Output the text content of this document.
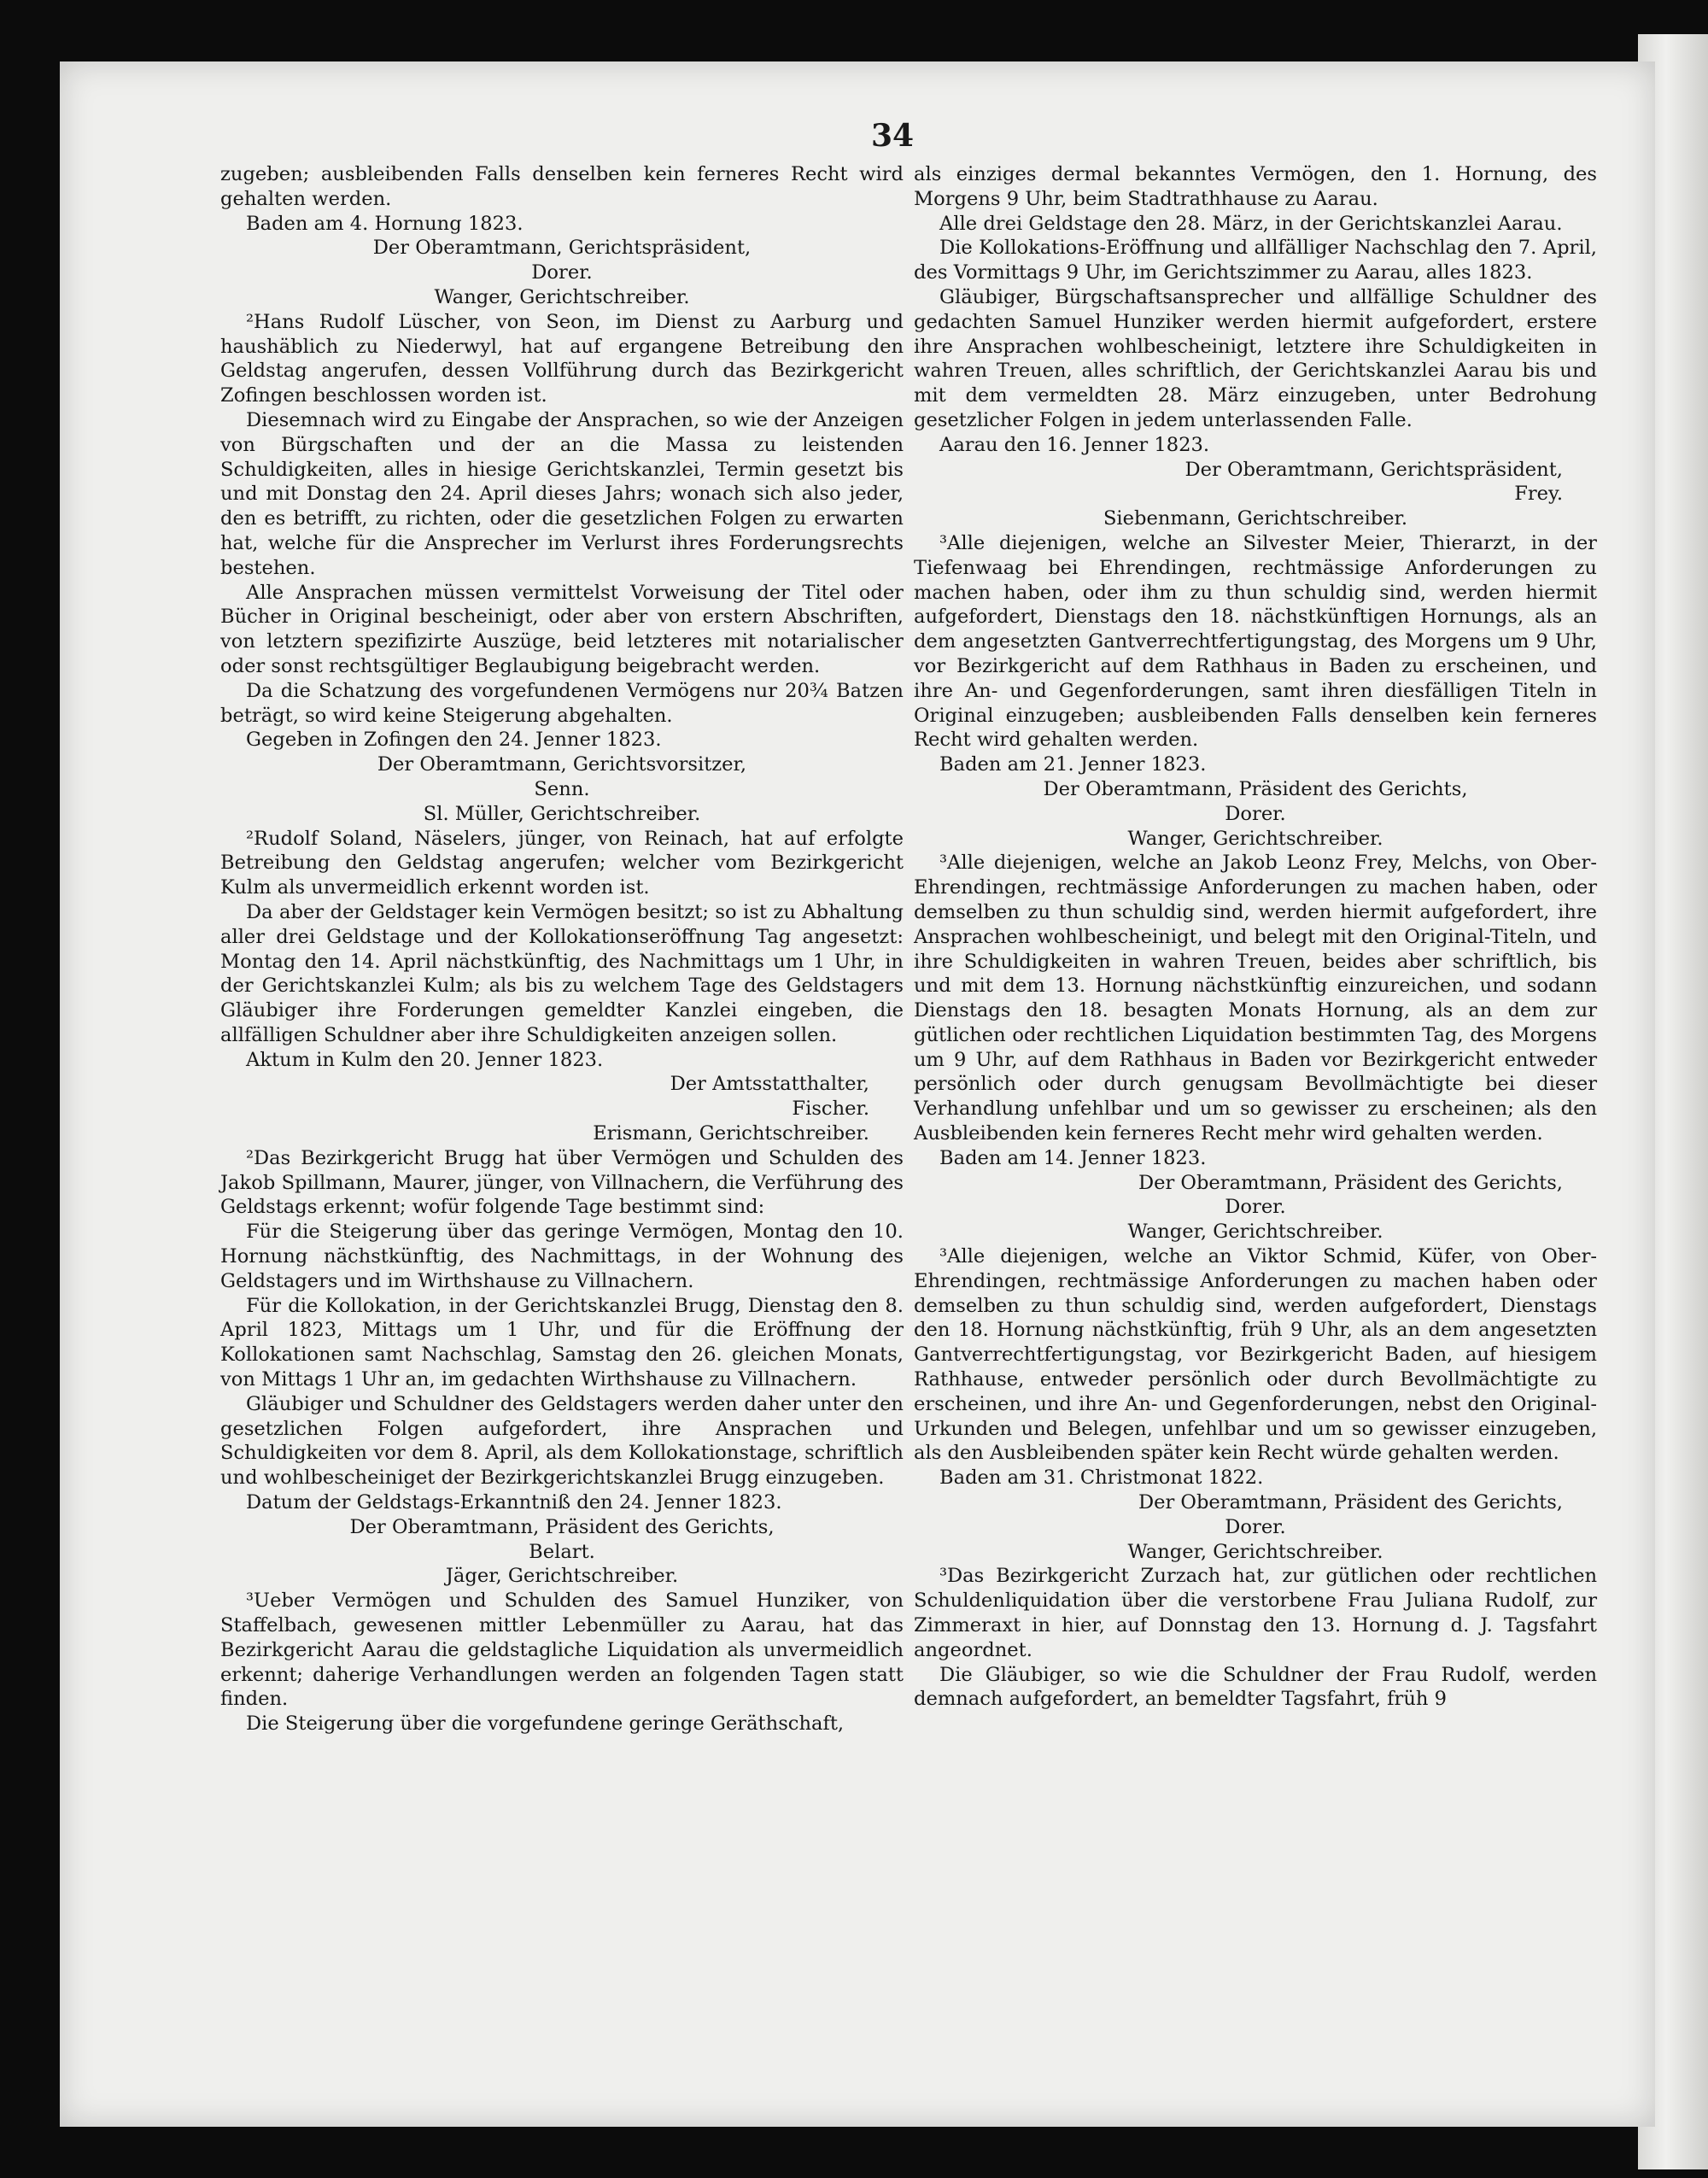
34

zugeben; ausbleibenden Falls denselben kein ferneres Recht wird gehalten werden.

Baden am 4. Hornung 1823.

Der Oberamtmann, Gerichtspräsident,

Dorer.

Wanger, Gerichtschreiber.

²Hans Rudolf Lüscher, von Seon, im Dienst zu Aarburg und haushäblich zu Niederwyl, hat auf ergangene Betreibung den Geldstag angerufen, dessen Vollführung durch das Bezirkgericht Zofingen beschlossen worden ist.

Diesemnach wird zu Eingabe der Ansprachen, so wie der Anzeigen von Bürgschaften und der an die Massa zu leistenden Schuldigkeiten, alles in hiesige Gerichtskanzlei, Termin gesetzt bis und mit Donstag den 24. April dieses Jahrs; wonach sich also jeder, den es betrifft, zu richten, oder die gesetzlichen Folgen zu erwarten hat, welche für die Ansprecher im Verlurst ihres Forderungsrechts bestehen.

Alle Ansprachen müssen vermittelst Vorweisung der Titel oder Bücher in Original bescheinigt, oder aber von erstern Abschriften, von letztern spezifizirte Auszüge, beid letzteres mit notarialischer oder sonst rechtsgültiger Beglaubigung beigebracht werden.

Da die Schatzung des vorgefundenen Vermögens nur 20¾ Batzen beträgt, so wird keine Steigerung abgehalten.

Gegeben in Zofingen den 24. Jenner 1823.

Der Oberamtmann, Gerichtsvorsitzer,

Senn.

Sl. Müller, Gerichtschreiber.

²Rudolf Soland, Näselers, jünger, von Reinach, hat auf erfolgte Betreibung den Geldstag angerufen; welcher vom Bezirkgericht Kulm als unvermeidlich erkennt worden ist.

Da aber der Geldstager kein Vermögen besitzt; so ist zu Abhaltung aller drei Geldstage und der Kollokationseröffnung Tag angesetzt: Montag den 14. April nächstkünftig, des Nachmittags um 1 Uhr, in der Gerichtskanzlei Kulm; als bis zu welchem Tage des Geldstagers Gläubiger ihre Forderungen gemeldter Kanzlei eingeben, die allfälligen Schuldner aber ihre Schuldigkeiten anzeigen sollen.

Aktum in Kulm den 20. Jenner 1823.

Der Amtsstatthalter,

Fischer.

Erismann, Gerichtschreiber.

²Das Bezirkgericht Brugg hat über Vermögen und Schulden des Jakob Spillmann, Maurer, jünger, von Villnachern, die Verführung des Geldstags erkennt; wofür folgende Tage bestimmt sind:

Für die Steigerung über das geringe Vermögen, Montag den 10. Hornung nächstkünftig, des Nachmittags, in der Wohnung des Geldstagers und im Wirthshause zu Villnachern.

Für die Kollokation, in der Gerichtskanzlei Brugg, Dienstag den 8. April 1823, Mittags um 1 Uhr, und für die Eröffnung der Kollokationen samt Nachschlag, Samstag den 26. gleichen Monats, von Mittags 1 Uhr an, im gedachten Wirthshause zu Villnachern.

Gläubiger und Schuldner des Geldstagers werden daher unter den gesetzlichen Folgen aufgefordert, ihre Ansprachen und Schuldigkeiten vor dem 8. April, als dem Kollokationstage, schriftlich und wohlbescheiniget der Bezirkgerichtskanzlei Brugg einzugeben.

Datum der Geldstags-Erkanntniß den 24. Jenner 1823.

Der Oberamtmann, Präsident des Gerichts,

Belart.

Jäger, Gerichtschreiber.

³Ueber Vermögen und Schulden des Samuel Hunziker, von Staffelbach, gewesenen mittler Lebenmüller zu Aarau, hat das Bezirkgericht Aarau die geldstagliche Liquidation als unvermeidlich erkennt; daherige Verhandlungen werden an folgenden Tagen statt finden.

Die Steigerung über die vorgefundene geringe Geräthschaft,

als einziges dermal bekanntes Vermögen, den 1. Hornung, des Morgens 9 Uhr, beim Stadtrathhause zu Aarau.

Alle drei Geldstage den 28. März, in der Gerichtskanzlei Aarau.

Die Kollokations-Eröffnung und allfälliger Nachschlag den 7. April, des Vormittags 9 Uhr, im Gerichtszimmer zu Aarau, alles 1823.

Gläubiger, Bürgschaftsansprecher und allfällige Schuldner des gedachten Samuel Hunziker werden hiermit aufgefordert, erstere ihre Ansprachen wohlbescheinigt, letztere ihre Schuldigkeiten in wahren Treuen, alles schriftlich, der Gerichtskanzlei Aarau bis und mit dem vermeldten 28. März einzugeben, unter Bedrohung gesetzlicher Folgen in jedem unterlassenden Falle.

Aarau den 16. Jenner 1823.

Der Oberamtmann, Gerichtspräsident,

Frey.

Siebenmann, Gerichtschreiber.

³Alle diejenigen, welche an Silvester Meier, Thierarzt, in der Tiefenwaag bei Ehrendingen, rechtmässige Anforderungen zu machen haben, oder ihm zu thun schuldig sind, werden hiermit aufgefordert, Dienstags den 18. nächstkünftigen Hornungs, als an dem angesetzten Gantverrechtfertigungstag, des Morgens um 9 Uhr, vor Bezirkgericht auf dem Rathhaus in Baden zu erscheinen, und ihre An- und Gegenforderungen, samt ihren diesfälligen Titeln in Original einzugeben; ausbleibenden Falls denselben kein ferneres Recht wird gehalten werden.

Baden am 21. Jenner 1823.

Der Oberamtmann, Präsident des Gerichts,

Dorer.

Wanger, Gerichtschreiber.

³Alle diejenigen, welche an Jakob Leonz Frey, Melchs, von Ober-Ehrendingen, rechtmässige Anforderungen zu machen haben, oder demselben zu thun schuldig sind, werden hiermit aufgefordert, ihre Ansprachen wohlbescheinigt, und belegt mit den Original-Titeln, und ihre Schuldigkeiten in wahren Treuen, beides aber schriftlich, bis und mit dem 13. Hornung nächstkünftig einzureichen, und sodann Dienstags den 18. besagten Monats Hornung, als an dem zur gütlichen oder rechtlichen Liquidation bestimmten Tag, des Morgens um 9 Uhr, auf dem Rathhaus in Baden vor Bezirkgericht entweder persönlich oder durch genugsam Bevollmächtigte bei dieser Verhandlung unfehlbar und um so gewisser zu erscheinen; als den Ausbleibenden kein ferneres Recht mehr wird gehalten werden.

Baden am 14. Jenner 1823.

Der Oberamtmann, Präsident des Gerichts,

Dorer.

Wanger, Gerichtschreiber.

³Alle diejenigen, welche an Viktor Schmid, Küfer, von Ober-Ehrendingen, rechtmässige Anforderungen zu machen haben oder demselben zu thun schuldig sind, werden aufgefordert, Dienstags den 18. Hornung nächstkünftig, früh 9 Uhr, als an dem angesetzten Gantverrechtfertigungstag, vor Bezirkgericht Baden, auf hiesigem Rathhause, entweder persönlich oder durch Bevollmächtigte zu erscheinen, und ihre An- und Gegenforderungen, nebst den Original-Urkunden und Belegen, unfehlbar und um so gewisser einzugeben, als den Ausbleibenden später kein Recht würde gehalten werden.

Baden am 31. Christmonat 1822.

Der Oberamtmann, Präsident des Gerichts,

Dorer.

Wanger, Gerichtschreiber.

³Das Bezirkgericht Zurzach hat, zur gütlichen oder rechtlichen Schuldenliquidation über die verstorbene Frau Juliana Rudolf, zur Zimmeraxt in hier, auf Donnstag den 13. Hornung d. J. Tagsfahrt angeordnet.

Die Gläubiger, so wie die Schuldner der Frau Rudolf, werden demnach aufgefordert, an bemeldter Tagsfahrt, früh 9
